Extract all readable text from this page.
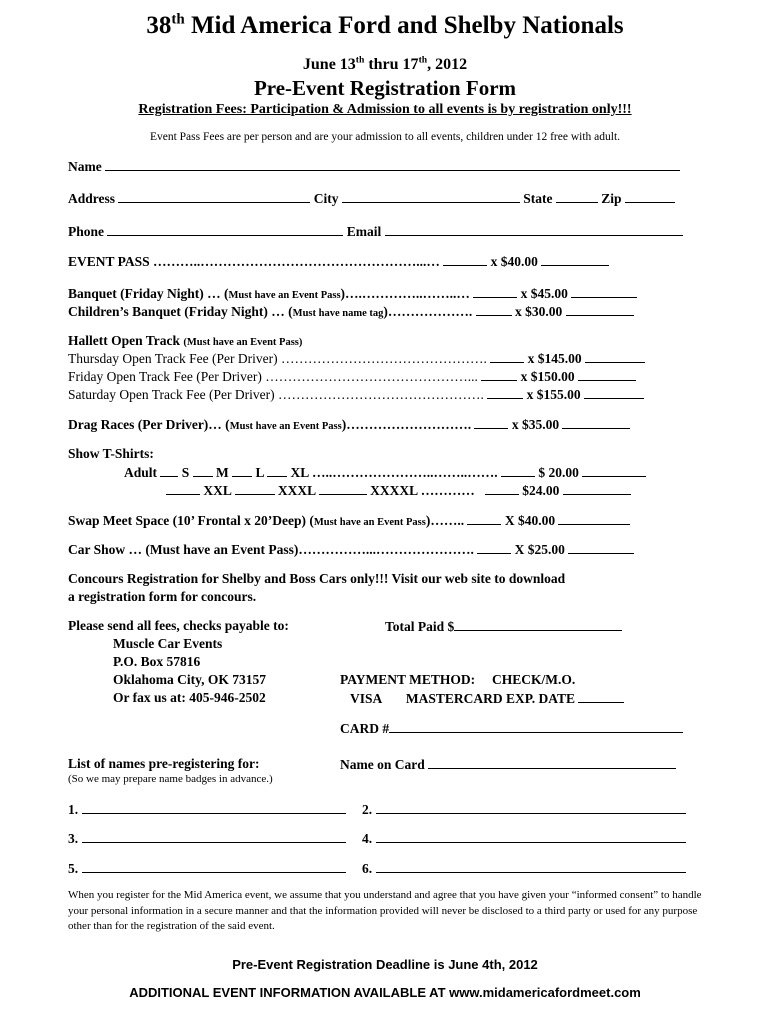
38th Mid America Ford and Shelby Nationals
June 13th thru 17th, 2012
Pre-Event Registration Form
Registration Fees: Participation & Admission to all events is by registration only!!!
Event Pass Fees are per person and are your admission to all events, children under 12 free with adult.
Name
Address	City	State	Zip
Phone	Email
EVENT PASS ………..…………………………………………...…	x $40.00
Banquet (Friday Night) … (Must have an Event Pass)….…………..……..…	x $45.00
Children’s Banquet (Friday Night) … (Must have name tag)……………….	x $30.00
Hallett Open Track (Must have an Event Pass)
Thursday Open Track Fee (Per Driver) ……………………………………….	x $145.00
Friday Open Track Fee (Per Driver) ………………………………………...	x $150.00
Saturday Open Track Fee (Per Driver) ……………………………………….	x $155.00
Drag Races (Per Driver)… (Must have an Event Pass)……………………….	x $35.00
Show T-Shirts:
Adult S M L XL …..…………………..……..…….	$ 20.00
XXL	XXXL	XXXXL …………	$24.00
Swap Meet Space (10’ Frontal x 20’Deep) (Must have an Event Pass)……..	X $40.00
Car Show … (Must have an Event Pass)……………...………………….	X $25.00
Concours Registration for Shelby and Boss Cars only!!! Visit our web site to download
a registration form for concours.
Please send all fees, checks payable to:
Muscle Car Events
P.O. Box 57816
Oklahoma City, OK 73157
Or fax us at: 405-946-2502
Total Paid $
PAYMENT METHOD: CHECK/M.O.
VISA MASTERCARD EXP. DATE
CARD #
List of names pre-registering for:
(So we may prepare name badges in advance.)
Name on Card
1.	2.
3.	4.
5.	6.
When you register for the Mid America event, we assume that you understand and agree that you have given your “informed consent” to handle your personal information in a secure manner and that the information provided will never be disclosed to a third party or used for any purpose other than for the registration of the said event.
Pre-Event Registration Deadline is June 4th, 2012
ADDITIONAL EVENT INFORMATION AVAILABLE AT www.midamericafordmeet.com
